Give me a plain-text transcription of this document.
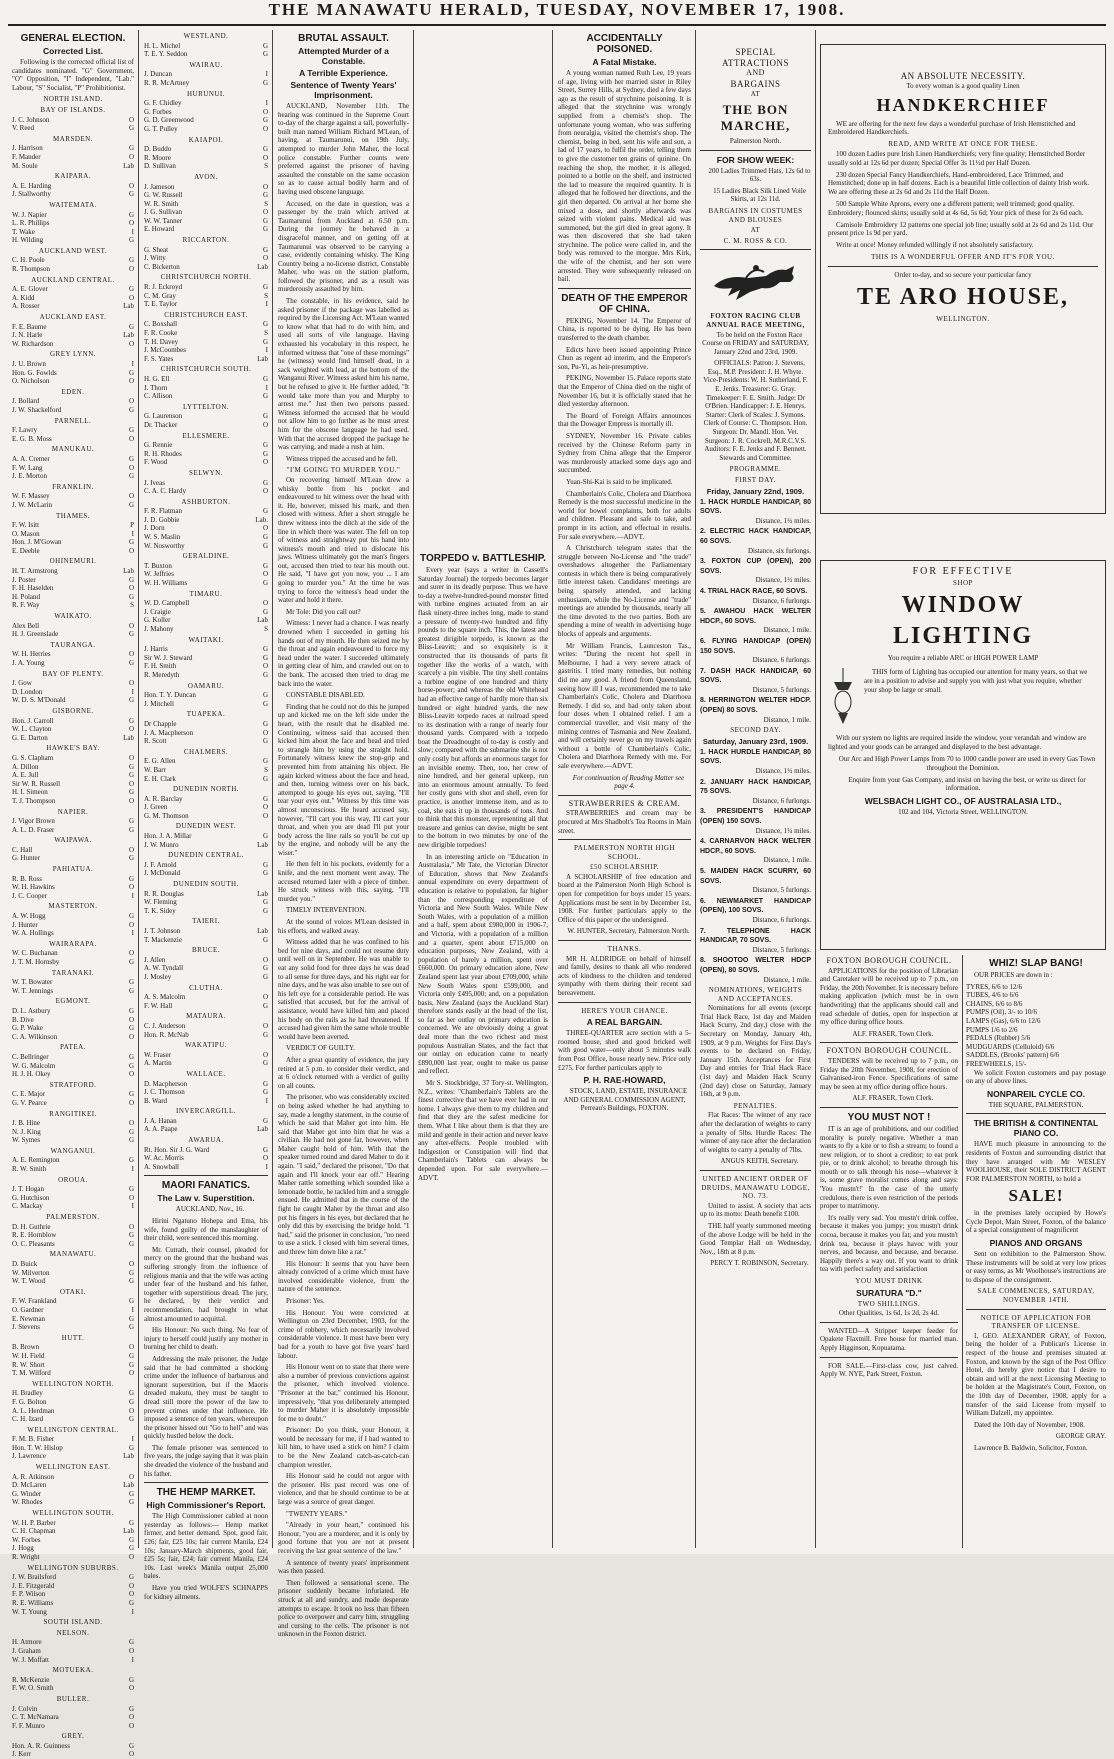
THE MANAWATU HERALD, TUESDAY, NOVEMBER 17, 1908.
GENERAL ELECTION.
Corrected List.

Following is the corrected official list of candidates nominated. "G" Government, "O" Opposition, "I" Independent, "Lab." Labour, "S" Socialist, "P" Prohibitionist.

NORTH ISLAND.
BAY OF ISLANDS.
J. C. Johnson	O
V. Reed	G
MARSDEN.
J. Harrison	G
F. Mander	O
M. Soule	Lab
KAIPARA.
A. E. Harding	O
J. Stallworthy	G
WAITEMATA.
W. J. Napier	G
L. R. Phillips	O
T. Wake	I
H. Wilding	G
AUCKLAND WEST.
C. H. Poole	G
R. Thompson	O
AUCKLAND CENTRAL.
A. E. Glover	G
A. Kidd	O
A. Rosser	Lab
AUCKLAND EAST.
F. E. Baume	G
J. N. Harle	Lab
W. Richardson	O
GREY LYNN.
J. U. Brown	I
Hon. G. Fowlds	G
O. Nicholson	O
EDEN.
J. Bollard	O
J. W. Shackelford	G
PARNELL.
F. Lawry	G
E. G. B. Moss	O
MANUKAU.
A. A. Cremer	G
F. W. Lang	O
J. E. Morton	G
FRANKLIN.
W. F. Massey	O
J. W. McLarin	G
THAMES.
F. W. Isitt	P
O. Mason	I
Hon. J. M'Gowan	G
E. Deeble	O
OHINEMURI.
H. T. Armstrong	Lab
J. Poster	G
F. H. Haselden	O
H. Poland	G
R. F. Way	S
WAIKATO.
Alex Bell	O
H. J. Greenslade	G
TAURANGA.
W. H. Herries	O
J. A. Young	G
BAY OF PLENTY.
J. Gow	O
D. London	I
W. D. S. M'Donald	G
GISBORNE.
Hon. J. Carroll	G
W. L. Clayton	O
G. E. Darton	Lab
HAWKE'S BAY.
G. S. Clapham	O
A. Dillon	G
A. E. Jull	G
Sir W. R. Russell	O
H. I. Simeon	G
T. J. Thompson	O
NAPIER.
J. Vigor Brown	G
A. L. D. Fraser	G
WAIPAWA.
C. Hall	O
G. Hunter	G
PAHIATUA.
R. B. Ross	G
W. H. Hawkins	O
J. C. Cooper	I
MASTERTON.
A. W. Hogg	G
J. Hunter	O
W. A. Hollings	I
WAIRARAPA.
W. C. Buchanan	O
J. T. M. Hornsby	G
TARANAKI.
W. T. Bowater	G
W. T. Jennings	G
EGMONT.
D. L. Astbury	G
B. Dive	O
G. P. Wake	G
C. A. Wilkinson	O
PATEA.
C. Bellringer	G
W. G. Malcolm	G
H. J. H. Okey	O
STRATFORD.
C. E. Major	G
G. V. Pearce	O
RANGITIKEI.
J. B. Hine	O
N. J. King	G
W. Symes	G
WANGANUI.
A. E. Remington	G
R. W. Smith	I
OROUA.
J. T. Hogan	G
G. Hutchison	O
C. Mackay	I
PALMERSTON.
D. H. Guthrie	O
R. E. Hornblow	G
O. C. Pleasants	G
MANAWATU.
D. Buick	O
W. Milverton	G
W. T. Wood	G
OTAKI.
F. W. Frankland	G
O. Gardner	I
E. Newman	G
J. Stevens	G
HUTT.
B. Brown	O
W. H. Field	G
R. W. Short	G
T. M. Wilford	O
WELLINGTON NORTH.
H. Bradley	G
F. G. Bolton	G
A. L. Herdman	O
C. H. Izard	G
WELLINGTON CENTRAL.
F. M. B. Fisher	I
Hon. T. W. Hislop	G
J. Lawrence	Lab
WELLINGTON EAST.
A. R. Atkinson	O
D. McLaren	Lab
G. Winder	G
W. Rhodes	G
WELLINGTON SOUTH.
W. H. P. Barber	G
C. H. Chapman	Lab
W. Forbes	G
J. Hogg	G
R. Wright	O
WELLINGTON SUBURBS.
J. W. Brailsford	G
J. E. Fitzgerald	O
F. P. Wilson	O
R. E. Williams	G
W. T. Young	I
SOUTH ISLAND.
NELSON.
H. Atmore	G
J. Graham	O
W. J. Moffatt	I
MOTUEKA.
R. McKenzie	G
F. W. O. Smith	O
BULLER.
J. Colvin	G
C. T. McNamara	O
F. F. Munro	O
GREY.
Hon. A. R. Guinness	G
J. Kerr	O
WESTLAND.
H. L. Michel	G
T. E. Y. Seddon	G
WAIRAU.
J. Duncan	I
R. R. McArtney	G
HURUNUI.
G. F. Chidley	I
G. Forbes	O
G. D. Greenwood	G
G. T. Pulley	O
KAIAPOI.
D. Buddo	G
R. Moore	O
D. Sullivan	S
AVON.
J. Jameson	O
G. W. Russell	G
W. R. Smith	S
J. G. Sullivan	O
W. W. Tanner	G
E. Howard	G
RICCARTON.
G. Sheat	G
J. Witty	O
C. Bickerton	Lab
CHRISTCHURCH NORTH.
R. J. Eckroyd	G
C. M. Gray	S
T. E. Taylor	I
CHRISTCHURCH EAST.
C. Boxshall	G
F. R. Cooke	S
T. H. Davey	G
J. McCoombes	I
F. S. Yates	Lab
CHRISTCHURCH SOUTH.
H. G. Ell	G
J. Thorn	I
C. Allison	G
LYTTELTON.
G. Laurenson	G
Dr. Thacker	O
ELLESMERE.
G. Rennie	G
R. H. Rhodes	G
F. Wood	O
SELWYN.
J. Iveas	G
C. A. C. Hardy	O
ASHBURTON.
F. R. Flatman	G
J. D. Gobbie	Lab.
J. Dorn	O
W. S. Maslin	G
W. Nosworthy	G
GERALDINE.
T. Buxton	G
W. Jeffries	O
W. H. Williams	G
TIMARU.
W. D. Campbell	O
J. Craigie	G
G. Koller	Lab
J. Mahony	S
WAITAKI.
J. Harris	G
Sir W. J. Steward	G
F. H. Smith	O
R. Meredyth	G
OAMARU.
Hon. T. Y. Duncan	G
J. Mitchell	G
TUAPEKA.
Dr Chapple	G
J. A. Macpherson	O
R. Scott	G
CHALMERS.
E. G. Allen	G
W. Barr	S
E. H. Clark	G
DUNEDIN NORTH.
A. R. Barclay	G
J. Green	O
G. M. Thomson	O
DUNEDIN WEST.
Hon. J. A. Millar	G
J. W. Munro	Lab
DUNEDIN CENTRAL.
J. F. Arnold	G
J. McDonald	G
DUNEDIN SOUTH.
R. R. Douglas	Lab
W. Fleming	G
T. K. Sidey	G
TAIERI.
J. T. Johnson	Lab
T. Mackenzie	G
BRUCE.
J. Allen	O
A. W. Tyndall	G
J. Mosley	G
CLUTHA.
A. S. Malcolm	O
F. W. Hall	G
MATAURA.
C. J. Anderson	O
Hon. R. McNab	G
WAKATIPU.
W. Fraser	O
A. Martin	G
WALLACE.
D. Macpherson	G
J. C. Thomson	G
B. Ward	I
INVERCARGILL.
J. A. Hanan	G
A. A. Paape	Lab
AWARUA.
Rt. Hon. Sir J. G. Ward	G
W. Ac. Morris	O
A. Snowball	I
MAORI FANATICS.
The Law v. Superstition.

AUCKLAND, Nov., 16.

Hirini Ngatuno Hohepa and Ema, his wife, found guilty of the manslaughter of their child, were sentenced this morning.

Mr. Cutrath, their counsel, pleaded for mercy on the ground that the husband was suffering strongly from the influence of religious mania and that the wife was acting under fear of the husband and his father, together with superstitious dread. The jury, he declared, by their verdict and recommendation, had brought in what almost amounted to acquittal.

His Honour: No such thing. No fear of injury to herself could justify any mother in burning her child to death.

Addressing the male prisoner, the Judge said that he had committed a shocking crime under the influence of barbarous and ignorant superstition, but if the Maoris dreaded makutu, they must be taught to dread still more the power of the law to prevent crimes under that influence. He imposed a sentence of ten years, whereupon the prisoner hissed out "Go to hell" and was quickly hustled below the dock.

The female prisoner was sentenced to five years, the judge saying that it was plain she dreaded the violence of the husband and his father.

THE HEMP MARKET.
High Commissioner's Report.

The High Commissioner cabled at noon yesterday as follows:— Hemp market firmer, and better demand. Spot, good fair, £26; fair, £25 10s; fair current Manila, £24 10s; January-March shipments, good fair, £25 5s; fair, £24; fair current Manila, £24 10s. Last week's Manila output 25,000 bales.

Have you tried WOLFE'S SCHNAPPS for kidney ailments.

BRUTAL ASSAULT.
Attempted Murder of a Constable.
A Terrible Experience.
Sentence of Twenty Years' Imprisonment.

AUCKLAND, November 11th. The hearing was continued in the Supreme Court to-day of the charge against a tall, powerfully-built man named William Richard M'Lean, of having, at Taumarunui, on 19th July, attempted to murder John Maher, the local police constable. Further counts were preferred against the prisoner of having assaulted the constable on the same occasion so as to cause actual bodily harm and of having used obscene language.

Accused, on the date in question, was a passenger by the train which arrived at Taumarunui from Auckland at 6.50 p.m. During the journey he behaved in a disgraceful manner, and on getting off at Taumarunui was observed to be carrying a case, evidently containing whisky. The King Country being a no-license district, Constable Maher, who was on the station platform, followed the prisoner, and as a result was murderously assaulted by him.

The constable, in his evidence, said he asked prisoner if the package was labelled as required by the Licensing Act. M'Lean wanted to know what that had to do with him, and used all sorts of vile language. Having exhausted his vocabulary in this respect, he informed witness that "one of these mornings" he (witness) would find himself dead, in a sack weighted with lead, at the bottom of the Wanganui River. Witness asked him his name, but he refused to give it. He further added, "It would take more than you and Murphy to arrest me." Just then two persons passed. Witness informed the accused that he would not allow him to go further as he must arrest him for the obscene language he had used. With that the accused dropped the package he was carrying, and made a rush at him.

Witness tripped the accused and he fell.

"I'M GOING TO MURDER YOU."

On recovering himself M'Lean drew a whisky bottle from his pocket and endeavoured to hit witness over the head with it. He, however, missed his mark, and then closed with witness. After a short struggle he threw witness into the ditch at the side of the line in which there was water. The fell on top of witness and straightway put his hand into witness's mouth and tried to dislocate his jaws. Witness ultimately got the man's fingers out, accused then tried to tear his mouth out. He said, "I have got you now, you ... I am going to murder you." At the time he was trying to force the witness's head under the water and hold it there.

Mr Tole: Did you call out?

Witness: I never had a chance. I was nearly drowned when I succeeded in getting his hands out of my mouth. He then seized me by the throat and again endeavoured to force my head under the water. I succeeded ultimately in getting clear of him, and crawled out on to the bank. The accused then tried to drag me back into the water.

CONSTABLE DISABLED.

Finding that he could not do this he jumped up and kicked me on the left side under the heart, with the result that he disabled me. Continuing, witness said that accused then kicked him about the face and head and tried to strangle him by using the straight hold. Fortunately witness knew the stop-grip and prevented him from attaining his object. He again kicked witness about the face and head, and then, turning witness over on his back, attempted to gouge his eyes out, saying, "I'll tear your eyes out." Witness by this time was almost unconscious. He heard accused say, however, "I'll cart you this way, I'll cart your throat, and when you are dead I'll put your body across the line rails so you'll be cut up by the engine, and nobody will be any the wiser."

He then felt in his pockets, evidently for a knife, and the next moment went away. The accused returned later with a piece of timber. He struck witness with this, saying, "I'll murder you."

TIMELY INTERVENTION.

At the sound of voices M'Lean desisted in his efforts, and walked away.

Witness added that he was confined to his bed for nine days, and could not resume duty until well on in September. He was unable to eat any solid food for three days he was dead to all sense for three days, and his right ear for nine days, and he was also unable to see out of his left eye for a considerable period. He was satisfied that accused, but for the arrival of assistance, would have killed him and placed his body on the rails as he had threatened. If accused had given him the same whole trouble would have been averted.

VERDICT OF GUILTY.

After a great quantity of evidence, the jury retired at 5 p.m. to consider their verdict, and at 6 o'clock returned with a verdict of guilty on all counts.

The prisoner, who was considerably excited on being asked whether he had anything to say, made a lengthy statement, in the course of which he said that Maher got into him. He said that Maher got into him that he was a civilian. He had not gone far, however, when Maher caught hold of him. With that the speaker turned round and dared Maher to do it again. "I said," declared the prisoner, "Do that again and I'll knock your ear off." Hearing Maher rattle something which sounded like a lemonade bottle, he tackled him and a struggle ensued. He admitted that in the course of the fight he caught Maher by the throat and also put his fingers in his eyes, but declared that he only did this by exercising the bridge hold. "I had," said the prisoner in conclusion, "no need to use a stick. I closed with him several times, and threw him down like a rat."

His Honour: It seems that you have been already convicted of a crime which must have involved considerable violence, from the nature of the sentence.

Prisoner: Yes.

His Honour: You were convicted at Wellington on 23rd December, 1903, for the crime of robbery, which necessarily involved considerable violence. It must have been very bad for a youth to have got five years' hard labour.

His Honour went on to state that there were also a number of previous convictions against the prisoner, which involved violence. "Prisoner at the bar," continued his Honour, impressively, "that you deliberately attempted to murder Maher it is absolutely impossible for me to doubt."

Prisoner: Do you think, your Honour, it would be necessary for me, if I had wanted to kill him, to have used a stick on him? I claim to be the New Zealand catch-as-catch-can champion wrestler.

His Honour said he could not argue with the prisoner. His past record was one of violence, and that he should continue to be at large was a source of great danger.

"TWENTY YEARS."

"Already in your heart," continued his Honour, "you are a murderer, and it is only by good fortune that you are not at present receiving the last great sentence of the law."

A sentence of twenty years' imprisonment was then passed.

Then followed a sensational scene. The prisoner suddenly became infuriated. He struck at all and sundry, and made desperate attempts to escape. It took no less than fifteen police to overpower and carry him, struggling and cursing to the cells. The prisoner is not unknown in the Foxton district.

TORPEDO v. BATTLESHIP.

Every year (says a writer in Cassell's Saturday Journal) the torpedo becomes larger and surer in its deadly purpose. Thus we have to-day a twelve-hundred-pound monster fitted with turbine engines actuated from an air flask ninety-three inches long, made to stand a pressure of twenty-two hundred and fifty pounds to the square inch. This, the latest and greatest dirigible torpedo, is known as the Bliss-Leavitt; and so exquisitely is it constructed that its thousands of parts fit together like the works of a watch, with scarcely a pin visible. The tiny shell contains a turbine engine of one hundred and thirty horse-power; and whereas the old Whitehead had an effective range of hardly more than six hundred or eight hundred yards, the new Bliss-Leavitt torpedo races at railroad speed to its destination with a range of nearly four thousand yards. Compared with a torpedo boat the Dreadnought of to-day is costly and slow; compared with the submarine she is not only costly but affords an enormous target for an invisible enemy. Then, too, her crew of nine hundred, and her general upkeep, run into an enormous amount annually. To feed her costly guns with shot and shell, even for practice, is another immense item, and as to coal, she eats it up in thousands of tons. And to think that this monster, representing all that treasure and genius can devise, might be sent to the bottom in two minutes by one of the new dirigible torpedoes!

In an interesting article on "Education in Australasia," Mr Tate, the Victorian Director of Education, shows that New Zealand's annual expenditure on every department of education is relative to population, far higher than the corresponding expenditure of Victoria and New South Wales. While New South Wales, with a population of a million and a half, spent about £980,000 in 1906-7, and Victoria, with a population of a million and a quarter, spent about £715,000 on education purposes, New Zealand, with a population of barely a million, spent over £660,000. On primary education alone, New Zealand spent last year about £709,000, while New South Wales spent £599,000, and Victoria only £495,000; and, on a population basis, New Zealand (says the Auckland Star) therefore stands easily at the head of the list, so far as her outlay on primary education is concerned. We are obviously doing a great deal more than the two richest and most populous Australian States, and the fact that our outlay on education came to nearly £890,000 last year, ought to make us pause and reflect.

Mr S. Stockbridge, 37 Tory-st. Wellington, N.Z., writes: "Chamberlain's Tablets are the finest corrective that we have ever had in our home. I always give them to my children and find that they are the safest medicine for them. What I like about them is that they are mild and gentle in their action and never leave any after-effects. People troubled with Indigestion or Constipation will find that Chamberlain's Tablets can always be depended upon. For sale everywhere.—ADVT.

ACCIDENTALLY POISONED.
A Fatal Mistake.

A young woman named Ruth Lee, 19 years of age, living with her married sister in Riley Street, Surrey Hills, at Sydney, died a few days ago as the result of strychnine poisoning. It is alleged that the strychnine was wrongly supplied from a chemist's shop. The unfortunate young woman, who was suffering from neuralgia, visited the chemist's shop. The chemist, being in bed, sent his wife and son, a lad of 17 years, to fulfil the order, telling them to give the customer ten grains of quinine. On reaching the shop, the mother, it is alleged, pointed to a bottle on the shelf, and instructed the lad to measure the required quantity. It is alleged that he followed her directions, and the girl then departed. On arrival at her home she mixed a dose, and shortly afterwards was seized with violent pains. Medical aid was summoned, but the girl died in great agony. It was then discovered that she had taken strychnine. The police were called in, and the body was removed to the morgue. Mrs Kirk, the wife of the chemist, and her son were arrested. They were subsequently released on bail.

DEATH OF THE EMPEROR OF CHINA.

PEKING, November 14. The Emperor of China, is reported to be dying. He has been transferred to the death chamber.

Edicts have been issued appointing Prince Chun as regent ad interim, and the Emperor's son, Pu-Yi, as heir-presumptive.

PEKING, November 15. Palace reports state that the Emperor of China died on the night of November 16, but it is officially stated that he died yesterday afternoon.

The Board of Foreign Affairs announces that the Dowager Empress is mortally ill.

SYDNEY, November 16. Private cables received by the Chinese Reform party in Sydney from China allege that the Emperor was murderously attacked some days ago and succumbed.

Yuan-Shi-Kai is said to be implicated.

Chamberlain's Colic, Cholera and Diarrhoea Remedy is the most successful medicine in the world for bowel complaints, both for adults and children. Pleasant and safe to take, and prompt in its action, and effectual in results. For sale everywhere.—ADVT.

A Christchurch telegram states that the struggle between No-License and "the trade" overshadows altogether the Parliamentary contests in which there is being comparatively little interest taken. Candidates' meetings are being sparsely attended, and lacking enthusiasm, while the No-License and "trade" meetings are attended by thousands, nearly all the time devoted to the two parties. Both are spending a mine of wealth in advertising huge blocks of appeals and arguments.

Mr William Francis, Launceston Tas., writes: "During the recent hot spell in Melbourne, I had a very severe attack of gastritis. I tried many remedies, but nothing did me any good. A friend from Queensland, seeing how ill I was, recommended me to take Chamberlain's Colic, Cholera and Diarrhoea Remedy. I did so, and had only taken about four doses when I obtained relief. I am a commercial traveller, and visit many of the mining centres of Tasmania and New Zealand, and will certainly never go on my travels again without a bottle of Chamberlain's Colic, Cholera and Diarrhoea Remedy with me. For sale everywhere.—ADVT.

For continuation of Reading Matter see page 4.

STRAWBERRIES & CREAM.

STRAWBERRIES and cream may be procured at Mrs Shadbolt's Tea Rooms in Main street.

PALMERSTON NORTH HIGH SCHOOL.
£50 SCHOLARSHIP.

A SCHOLARSHIP of free education and board at the Palmerston North High School is open for competition for boys under 15 years. Applications must be sent in by December 1st, 1908. For further particulars apply to the Office of this paper or the undersigned.

W. HUNTER, Secretary, Palmerston North.

THANKS.

MR H. ALDRIDGE on behalf of himself and family, desires to thank all who rendered acts of kindness to the children and tendered sympathy with them during their recent sad bereavement.

HERE'S YOUR CHANCE.
A REAL BARGAIN.

THREE-QUARTER acre section with a 5-roomed house, shed and good bricked well with good water—only about 5 minutes walk from Post Office, house nearly new. Price only £275. For further particulars apply to

P. H. RAE-HOWARD,

STOCK, LAND, ESTATE, INSURANCE AND GENERAL COMMISSION AGENT, Perreau's Buildings, FOXTON.

SPECIAL
ATTRACTIONS
AND
BARGAINS
AT
THE BON MARCHE,
Palmerston North.
FOR SHOW WEEK:

200 Ladies Trimmed Hats, 12s 6d to 63s.

15 Ladies Black Silk Lined Voile Skirts, at 12s 11d.

BARGAINS IN COSTUMES AND BLOUSES
AT
C. M. ROSS & CO.
FOXTON RACING CLUB ANNUAL RACE MEETING,

To be held on the Foxton Race Course on FRIDAY and SATURDAY, January 22nd and 23rd, 1909.

OFFICIALS: Patron: J. Stevens, Esq., M.P. President: J. H. Whyte. Vice-Presidents: W. H. Sutherland, F. E. Jenks. Treasurer: G. Gray. Timekeeper: F. E. Smith. Judge: Dr O'Brien. Handicapper: J. E. Henrys. Starter: Clerk of Scales: J. Symons. Clerk of Course: C. Thompson. Hon. Surgeon: Dr. Mandl. Hon. Vet. Surgeon: J. R. Cockrell, M.R.C.V.S. Auditors: F. E. Jenks and F. Bennett. Stewards and Committee.

PROGRAMME.
FIRST DAY.
Friday, January 22nd, 1909.
1. HACK HURDLE HANDICAP, 80 SOVS.
Distance, 1½ miles.
2. ELECTRIC HACK HANDICAP, 60 SOVS.
Distance, six furlongs.
3. FOXTON CUP (OPEN), 200 SOVS.
Distance, 1½ miles.
4. TRIAL HACK RACE, 60 SOVS.
Distance, 6 furlongs.
5. AWAHOU HACK WELTER HDCP., 60 SOVS.
Distance, 1 mile.
6. FLYING HANDICAP (OPEN) 150 SOVS.
Distance, 6 furlongs.
7. DASH HACK HANDICAP, 60 SOVS.
Distance, 5 furlongs.
8. HERRINGTON WELTER HDCP. (OPEN) 80 SOVS.
Distance, 1 mile.
SECOND DAY.
Saturday, January 23rd, 1909.
1. HACK HURDLE HANDICAP, 80 SOVS.
Distance, 1½ miles.
2. JANUARY HACK HANDICAP, 75 SOVS.
Distance, 6 furlongs.
3. PRESIDENT'S HANDICAP (OPEN) 150 SOVS.
Distance, 1¼ miles.
4. CARNARVON HACK WELTER HDCP., 60 SOVS.
Distance, 1 mile.
5. MAIDEN HACK SCURRY, 60 SOVS.
Distance, 5 furlongs.
6. NEWMARKET HANDICAP (OPEN), 100 SOVS.
Distance, 6 furlongs.
7. TELEPHONE HACK HANDICAP, 70 SOVS.
Distance, 5 furlongs.
8. SHOOTOO WELTER HDCP (OPEN), 80 SOVS.
Distance, 1 mile.
NOMINATIONS, WEIGHTS AND ACCEPTANCES.

Nominations for all events (except Trial Hack Race, 1st day and Maiden Hack Scurry, 2nd day,) close with the Secretary on Monday, January 4th, 1909, at 9 p.m. Weights for First Day's events to be declared on Friday, January 15th. Acceptances for First Day and entries for Trial Hack Race (1st day) and Maiden Hack Scurry (2nd day) close on Saturday, January 16th, at 9 p.m.

PENALTIES.

Flat Races: The winner of any race after the declaration of weights to carry a penalty of 5lbs. Hurdle Races: The winner of any race after the declaration of weights to carry a penalty of 7lbs.

ANGUS KEITH, Secretary.

UNITED ANCIENT ORDER OF DRUIDS, MANAWATU LODGE, NO. 73.

United to assist. A society that acts up to its motto: Death benefit £100.

THE half yearly summoned meeting of the above Lodge will be held in the Good Templar Hall on Wednesday, Nov., 18th at 8 p.m.

PERCY T. ROBINSON, Secretary.

AN ABSOLUTE NECESSITY.
To every woman is a good quality Linen
HANDKERCHIEF

WE are offering for the next few days a wonderful purchase of Irish Hemstitched and Embroidered Handkerchiefs.

READ, AND WRITE AT ONCE FOR THESE.

100 dozen Ladies pure Irish Linen Handkerchiefs; very fine quality; Hemstitched Border usually sold at 12s 6d per dozen; Special Offer 3s 11½d per Half Dozen.

230 dozen Special Fancy Handkerchiefs, Hand-embroidered, Lace Trimmed, and Hemstitched; done up in half dozens. Each is a beautiful little collection of dainty Irish work. We are offering these at 2s 6d and 2s 11d the Half Dozen.

500 Sample White Aprons, every one a different pattern; well trimmed; good quality. Embroidery; flounced skirts; usually sold at 4s 6d, 5s 6d; Your pick of these for 2s 6d each.

Camisole Embroidery 12 patterns one special job line; usually sold at 2s 6d and 2s 11d. Our present price 1s 9d per yard.

Write at once! Money refunded willingly if not absolutely satisfactory.

THIS IS A WONDERFUL OFFER AND IT'S FOR YOU.
Order to-day, and so secure your particular fancy
TE ARO HOUSE,
WELLINGTON.
FOR EFFECTIVE
SHOP
WINDOW
LIGHTING
You require a reliable ARC or HIGH POWER LAMP

THIS form of Lighting has occupied our attention for many years, so that we are in a position to advise and supply you with just what you require, whether your shop be large or small.

With our system no lights are required inside the window, your verandah and window are lighted and your goods can be arranged and displayed to the best advantage.

Our Arc and High Power Lamps from 70 to 1000 candle power are used in every Gas Town throughout the Dominion.

Enquire from your Gas Company, and insist on having the best, or write us direct for information.

WELSBACH LIGHT CO., OF AUSTRALASIA LTD.,
102 and 104, Victoria Street, WELLINGTON.
FOXTON BOROUGH COUNCIL.

APPLICATIONS for the position of Librarian and Caretaker will be received up to 7 p.m., on Friday, the 20th November. It is necessary before making application (which must be in own handwriting) that the applicants should call and read schedule of duties, open for inspection at my office during office hours.

ALF. FRASER, Town Clerk.

FOXTON BOROUGH COUNCIL.

TENDERS will be received up to 7 p.m., on Friday the 20th November, 1908, for erection of Galvanised-iron Fence. Specifications of same may be seen at my office during office hours.

ALF. FRASER, Town Clerk.

YOU MUST NOT !

IT is an age of prohibitions, and our codified morality is purely negative. Whether a man wants to fly a kite or to fish a stream; to found a new religion, or to shoot a creditor; to eat pork pie, or to drink alcohol; to breathe through his mouth or to talk through his nose—whatever it is, some grave moralist comes along and says: 'You mustn't!' In the case of the utterly credulous, there is even restriction of the periods proper to matrimony.

It's really very sad. You mustn't drink coffee, because it makes you jumpy; you mustn't drink cocoa, because it makes you fat; and you mustn't drink tea, because it plays havoc with your nerves, and because, and because, and because. Happily there's a way out. If you want to drink tea with perfect safety and satisfaction

YOU MUST DRINK
SURATURA "D."
TWO SHILLINGS.
Other Qualities, 1s 6d, 1s 2d, 2s 4d.

WANTED—A Stripper keeper feeder for Opakete Flaxmill. Free house for married man. Apply Higginson, Kopuatama.

FOR SALE.—First-class cow, just calved. Apply W. NYE, Park Street, Foxton.

WHIZ! SLAP BANG!

OUR PRICES are down in :

TYRES, 6/6 to 12/6
TUBES, 4/6 to 6/6
CHAINS, 6/6 to 8/6
PUMPS (Oil), 3/- to 10/6
LAMPS (Gas), 6/6 to 12/6
PUMPS 1/6 to 2/6
PEDALS (Rubber) 5/6
MUDGUARDS (Celluloid) 6/6
SADDLES, (Brooks' pattern) 6/6
FREEWHEELS, 15/-

We solicit Foxton customers and pay postage on any of above lines.

NONPAREIL CYCLE CO.
THE SQUARE, PALMERSTON.
THE BRITISH & CONTINENTAL PIANO CO.

HAVE much pleasure in announcing to the residents of Foxton and surrounding district that they have arranged with Mr WESLEY WOOLHOUSE, their SOLE DISTRICT AGENT FOR PALMERSTON NORTH, to hold a

SALE!

in the premises lately occupied by Howe's Cycle Depot, Main Street, Foxton, of the balance of a special consignment of magnificent

PIANOS AND ORGANS

Sent on exhibition to the Palmerston Show. These instruments will be sold at very low prices or easy terms, as Mr Woolhouse's instructions are to dispose of the consignment.

SALE COMMENCES, SATURDAY, NOVEMBER 14TH.
NOTICE OF APPLICATION FOR TRANSFER OF LICENSE.

I, GEO. ALEXANDER GRAY, of Foxton, being the holder of a Publican's License in respect of the house and premises situated at Foxton, and known by the sign of the Post Office Hotel, do hereby give notice that I desire to obtain and will at the next Licensing Meeting to be holden at the Magistrate's Court, Foxton, on the 10th day of December, 1908, apply for a transfer of the said License from myself to William Dalzell, my appointee.

Dated the 10th day of November, 1908.

GEORGE GRAY.

Lawrence B. Baldwin, Solicitor, Foxton.
